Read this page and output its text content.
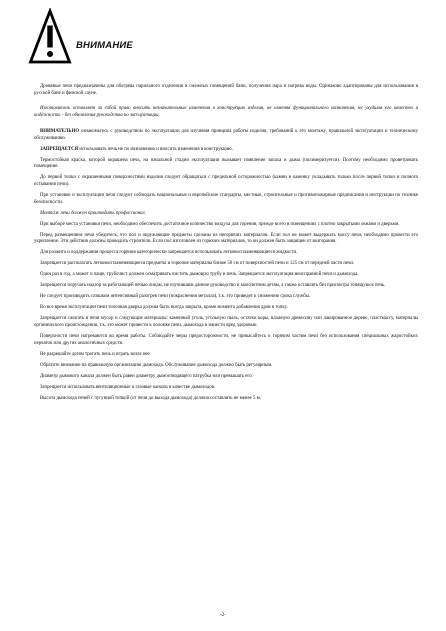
ВНИМАНИЕ

Дровяные печи предназначены для обогрева парильного отделения и смежных помещений бани, получения пара и нагрева воды. Одинаково адаптированы для использования в русской бане и финской сауне.

Изготовитель оставляет за собой право вносить незначительные изменения в конструкцию изделия, не изменяя функционального назначения, не ухудшая его качество и надёжность - без обновления руководства по эксплуатации.

ВНИМАТЕЛЬНО ознакомьтесь с руководством по эксплуатации для изучения принципа работы изделия, требований к его монтажу, правильной эксплуатации и техническому обслуживанию.

ЗАПРЕЩАЕТСЯ использовать печь не по назначению и вносить изменения в конструкцию.

Термостойкая краска, которой окрашена печь, на начальной стадии эксплуатации вызывает появление запаха и дыма (полимеризуется). Поэтому необходимо проветривать помещение.

До первой топки с окрашенными поверхностями изделия следует обращаться с предельной осторожностью (камни в каменку укладывать только после первой топки и полного остывания печи).

При установке и эксплуатации печи следует соблюдать национальные и европейские стандарты, местные, строительные и противопожарные предписания и инструкции по технике безопасности.

Монтаж печи должен производить профессионал.

При выборе места установки печи, необходимо обеспечить достаточное количество воздуха для горения, прежде всего в помещениях с плотно закрытыми окнами и дверьми.

Перед размещением печи убедитесь, что пол и окружающие предметы сделаны из негорючих материалов. Если пол не может выдержать массу печи, необходимо провести его укрепление. Эти действия должны проводить строители. Если пол изготовлен из горючих материалов, то он должен быть защищен от возгорания.

Для розжига и поддержания процесса горения категорически запрещается использовать легковоспламеняющиеся жидкости.

Запрещается располагать легковоспламеняющиеся предметы и горючие материалы ближе 50 см от поверхностей печи и 125 см от передней части печи.

Один раз в год, а может и чаще, трубочист должен осматривать чистить дымовую трубу и печь. Запрещается эксплуатация неисправной печи и дымохода.

Запрещается поручать надзор за работающей печью лицам, не изучившим данное руководство и малолетним детям, а также оставлять без присмотра топящуюся печь.

Не следует производить слишком интенсивный разогрев печи (покраснения металла), т.к. это приведет к снижению срока службы.

Во все время эксплуатации печи топочная дверка должна быть всегда закрыта, кроме момента добавления дров в топку.

Запрещается сжигать в печи мусор и следующие материалы: каменный уголь, угольную пыль, остатки коры, влажную древесину или лакированное дерево, пластмассу, материалы органического происхождения, т.к. это может привести к поломке печи, дымохода и нанести вред здоровью.

Поверхности печи нагреваются во время работы. Соблюдайте меры предосторожности, не прикасайтесь к горячим частям печи без использования специальных жаростойких перчаток или других аналогичных средств.

Не разрешайте детям трогать печь и играть возле нее.

Обратите внимание на правильную организацию дымохода. Обслуживание дымохода должно быть регулярным.

Диаметр дымового канала должен быть равен диаметру дымоотводящего патрубка или превышать его.

Запрещается использовать вентиляционные и газовые каналы в качестве дымоходов.

Высота дымохода печей с чугунной топкой (от печи до выхода дымохода) должна составлять не менее 5 м.

-2-
